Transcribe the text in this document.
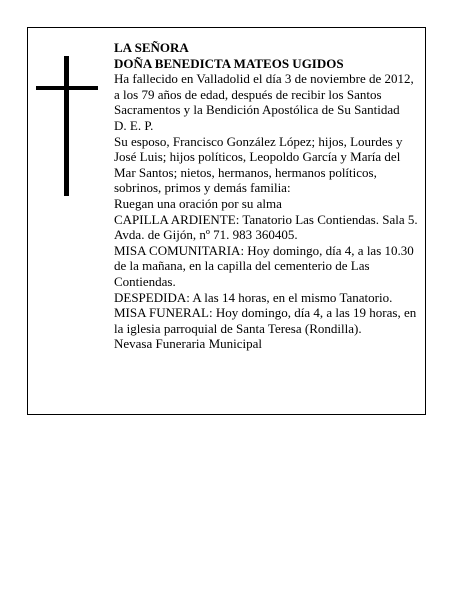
LA SEÑORA

DOÑA BENEDICTA MATEOS UGIDOS

Ha fallecido en Valladolid el día 3 de noviembre de 2012, a los 79 años de edad, después de recibir los Santos Sacramentos y la Bendición Apostólica de Su Santidad

D. E. P.

Su esposo, Francisco González López; hijos, Lourdes y José Luis; hijos políticos, Leopoldo García y María del Mar Santos; nietos, hermanos, hermanos políticos, sobrinos, primos y demás familia:

Ruegan una oración por su alma

CAPILLA ARDIENTE: Tanatorio Las Contiendas. Sala 5. Avda. de Gijón, nº 71. 983 360405.

MISA COMUNITARIA: Hoy domingo, día 4, a las 10.30 de la mañana, en la capilla del cementerio de Las Contiendas.

DESPEDIDA: A las 14 horas, en el mismo Tanatorio.

MISA FUNERAL: Hoy domingo, día 4, a las 19 horas, en la iglesia parroquial de Santa Teresa (Rondilla).

Nevasa Funeraria Municipal
